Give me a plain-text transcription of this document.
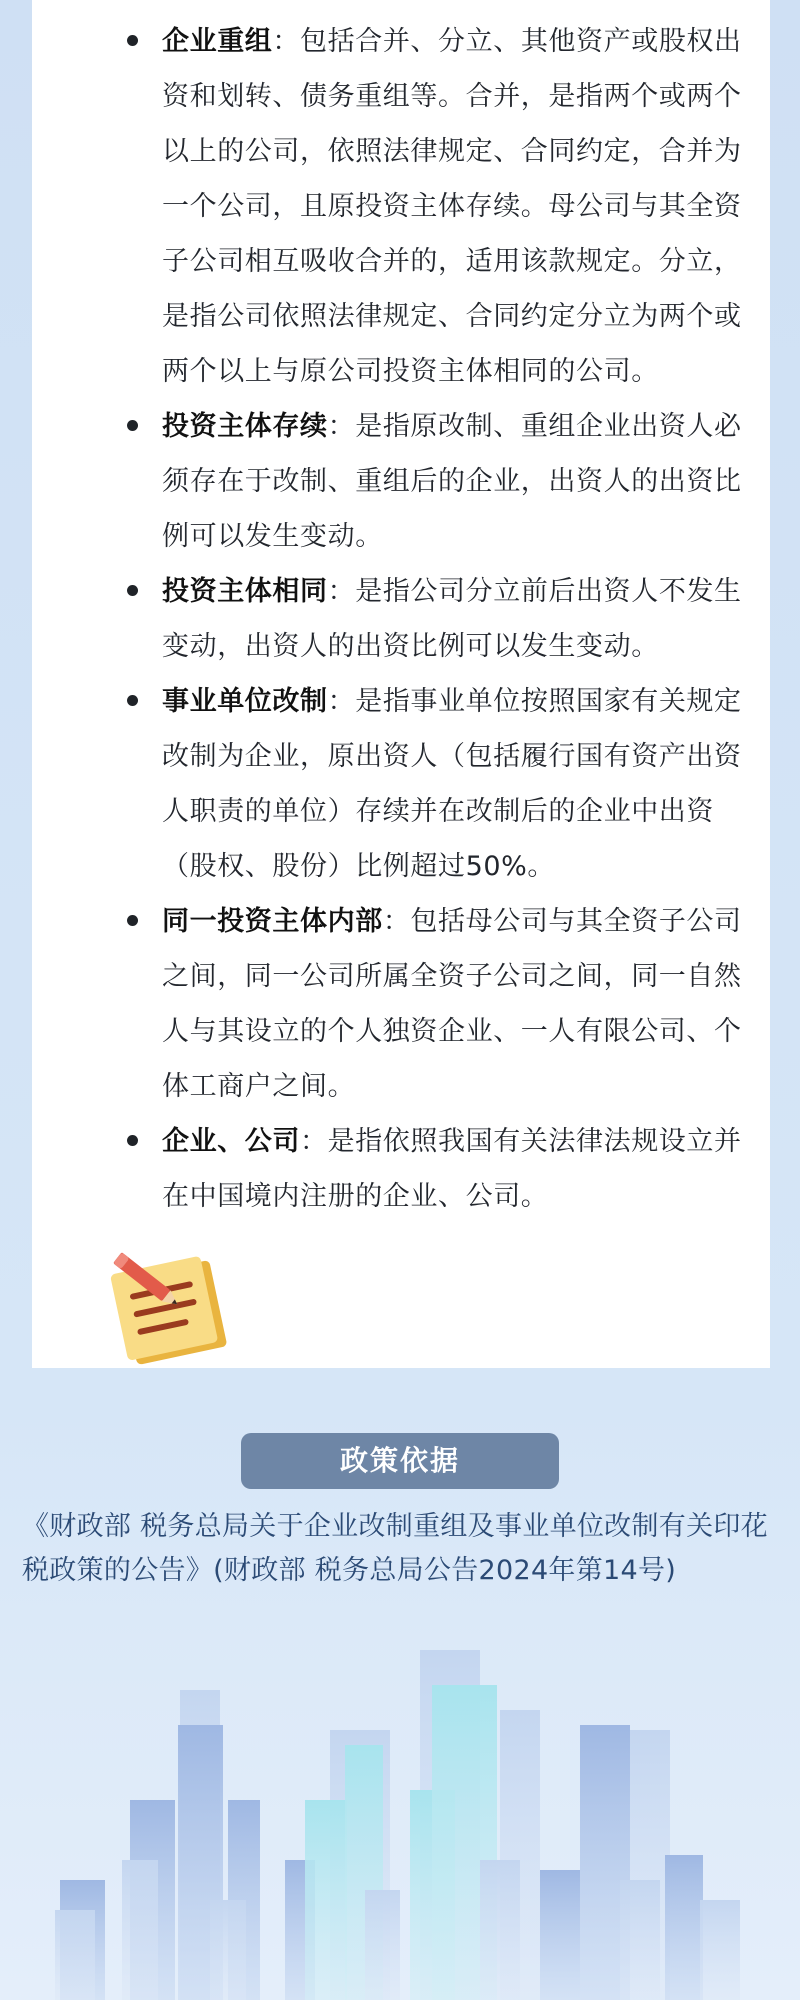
企业重组：包括合并、分立、其他资产或股权出资和划转、债务重组等。合并，是指两个或两个以上的公司，依照法律规定、合同约定，合并为一个公司，且原投资主体存续。母公司与其全资子公司相互吸收合并的，适用该款规定。分立，是指公司依照法律规定、合同约定分立为两个或两个以上与原公司投资主体相同的公司。
投资主体存续：是指原改制、重组企业出资人必须存在于改制、重组后的企业，出资人的出资比例可以发生变动。
投资主体相同：是指公司分立前后出资人不发生变动，出资人的出资比例可以发生变动。
事业单位改制：是指事业单位按照国家有关规定改制为企业，原出资人（包括履行国有资产出资人职责的单位）存续并在改制后的企业中出资（股权、股份）比例超过50%。
同一投资主体内部：包括母公司与其全资子公司之间，同一公司所属全资子公司之间，同一自然人与其设立的个人独资企业、一人有限公司、个体工商户之间。
企业、公司：是指依照我国有关法律法规设立并在中国境内注册的企业、公司。
政策依据
《财政部 税务总局关于企业改制重组及事业单位改制有关印花税政策的公告》(财政部 税务总局公告2024年第14号)
